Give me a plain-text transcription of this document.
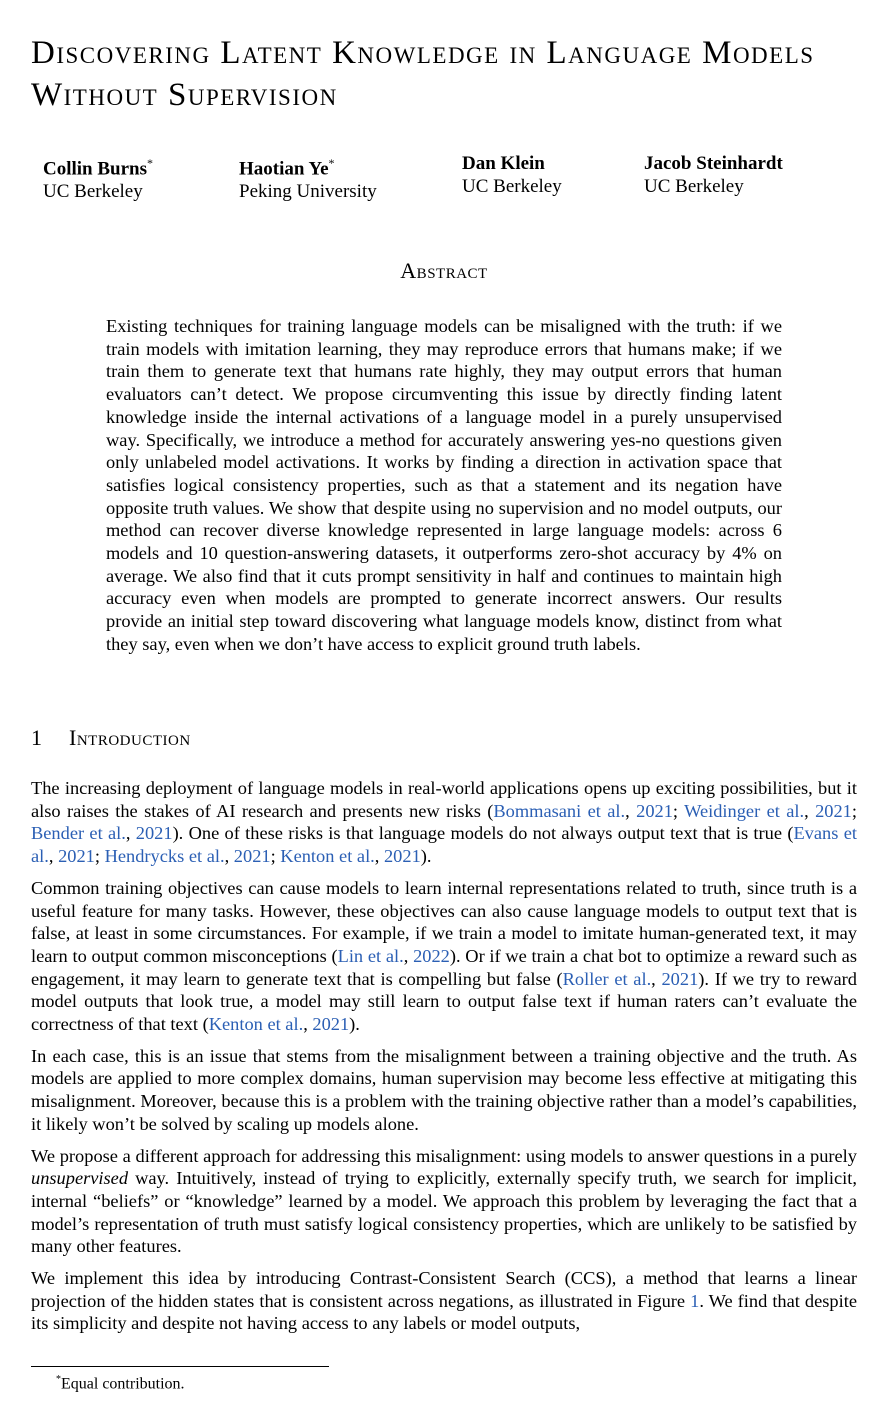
Discovering Latent Knowledge in Language Models Without Supervision
Collin Burns*
UC Berkeley
Haotian Ye*
Peking University
Dan Klein
UC Berkeley
Jacob Steinhardt
UC Berkeley
Abstract

Existing techniques for training language models can be misaligned with the truth: if we train models with imitation learning, they may reproduce errors that humans make; if we train them to generate text that humans rate highly, they may output errors that human evaluators can’t detect. We propose circumventing this issue by directly finding latent knowledge inside the internal activations of a language model in a purely unsupervised way. Specifically, we introduce a method for accurately answering yes-no questions given only unlabeled model activations. It works by finding a direction in activation space that satisfies logical consistency properties, such as that a statement and its negation have opposite truth values. We show that despite using no supervision and no model outputs, our method can recover diverse knowledge represented in large language models: across 6 models and 10 question-answering datasets, it outperforms zero-shot accuracy by 4% on average. We also find that it cuts prompt sensitivity in half and continues to maintain high accuracy even when models are prompted to generate incorrect answers. Our results provide an initial step toward discovering what language models know, distinct from what they say, even when we don’t have access to explicit ground truth labels.

1 Introduction

The increasing deployment of language models in real-world applications opens up exciting possibilities, but it also raises the stakes of AI research and presents new risks (Bommasani et al., 2021; Weidinger et al., 2021; Bender et al., 2021). One of these risks is that language models do not always output text that is true (Evans et al., 2021; Hendrycks et al., 2021; Kenton et al., 2021).

Common training objectives can cause models to learn internal representations related to truth, since truth is a useful feature for many tasks. However, these objectives can also cause language models to output text that is false, at least in some circumstances. For example, if we train a model to imitate human-generated text, it may learn to output common misconceptions (Lin et al., 2022). Or if we train a chat bot to optimize a reward such as engagement, it may learn to generate text that is compelling but false (Roller et al., 2021). If we try to reward model outputs that look true, a model may still learn to output false text if human raters can’t evaluate the correctness of that text (Kenton et al., 2021).

In each case, this is an issue that stems from the misalignment between a training objective and the truth. As models are applied to more complex domains, human supervision may become less effective at mitigating this misalignment. Moreover, because this is a problem with the training objective rather than a model’s capabilities, it likely won’t be solved by scaling up models alone.

We propose a different approach for addressing this misalignment: using models to answer questions in a purely unsupervised way. Intuitively, instead of trying to explicitly, externally specify truth, we search for implicit, internal “beliefs” or “knowledge” learned by a model. We approach this problem by leveraging the fact that a model’s representation of truth must satisfy logical consistency properties, which are unlikely to be satisfied by many other features.

We implement this idea by introducing Contrast-Consistent Search (CCS), a method that learns a linear projection of the hidden states that is consistent across negations, as illustrated in Figure 1. We find that despite its simplicity and despite not having access to any labels or model outputs,

*Equal contribution.
